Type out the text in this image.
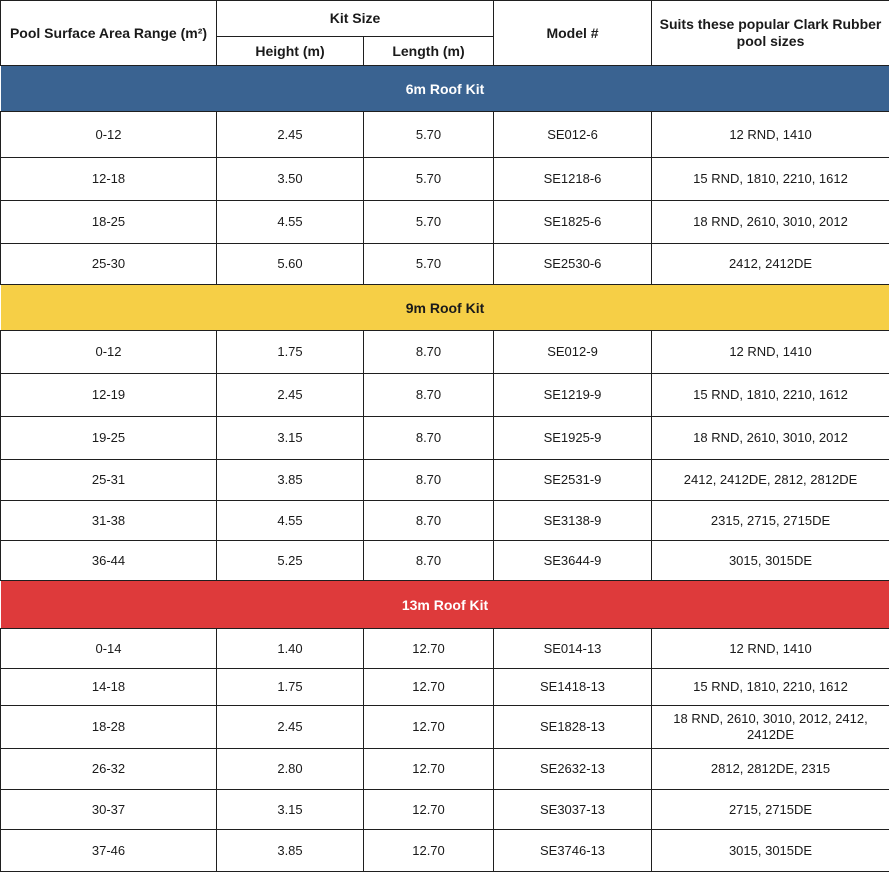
Pool Surface Area Range (m²)	Kit Size		Model #	Suits these popular Clark Rubber pool sizes
	Height (m)	Length (m)		
6m Roof Kit				
0-12	2.45	5.70	SE012-6	12 RND, 1410
12-18	3.50	5.70	SE1218-6	15 RND, 1810, 2210, 1612
18-25	4.55	5.70	SE1825-6	18 RND, 2610, 3010, 2012
25-30	5.60	5.70	SE2530-6	2412, 2412DE
9m Roof Kit				
0-12	1.75	8.70	SE012-9	12 RND, 1410
12-19	2.45	8.70	SE1219-9	15 RND, 1810, 2210, 1612
19-25	3.15	8.70	SE1925-9	18 RND, 2610, 3010, 2012
25-31	3.85	8.70	SE2531-9	2412, 2412DE, 2812, 2812DE
31-38	4.55	8.70	SE3138-9	2315, 2715, 2715DE
36-44	5.25	8.70	SE3644-9	3015, 3015DE
13m Roof Kit				
0-14	1.40	12.70	SE014-13	12 RND, 1410
14-18	1.75	12.70	SE1418-13	15 RND, 1810, 2210, 1612
18-28	2.45	12.70	SE1828-13	18 RND, 2610, 3010, 2012, 2412, 2412DE
26-32	2.80	12.70	SE2632-13	2812, 2812DE, 2315
30-37	3.15	12.70	SE3037-13	2715, 2715DE
37-46	3.85	12.70	SE3746-13	3015, 3015DE
